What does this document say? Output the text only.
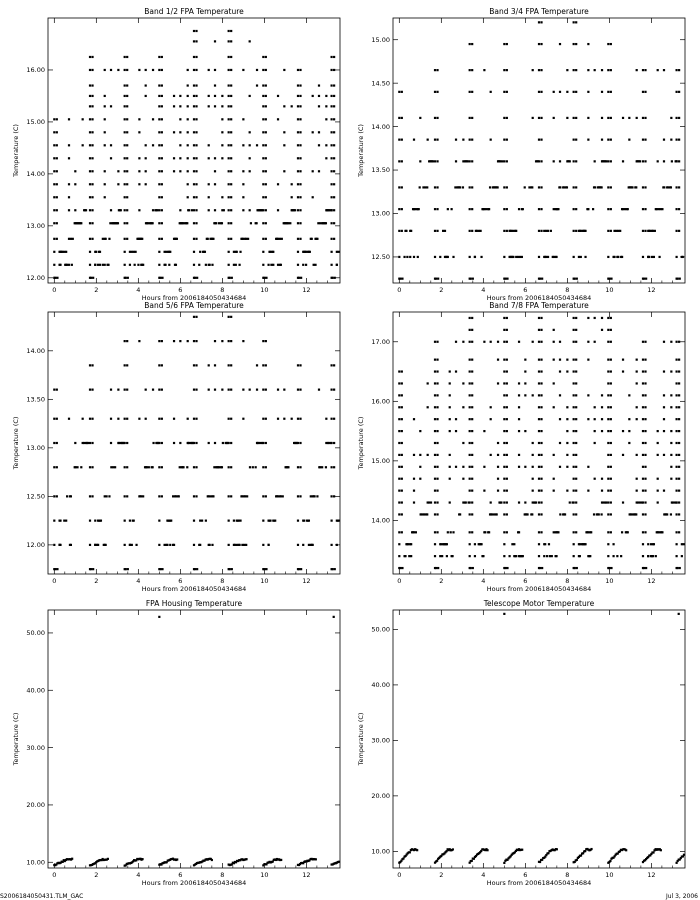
Band 1/2 FPA Temperature
0	2	4	6	8	10	12
12.00
13.00
14.00
15.00
16.00
Hours from 2006184050434684
Temperature (C)
Band 3/4 FPA Temperature
0	2	4	6	8	10	12
12.50
13.00
13.50
14.00
14.50
15.00
Hours from 2006184050434684
Temperature (C)
Band 5/6 FPA Temperature
0	2	4	6	8	10	12
12.00
12.50
13.00
13.50
14.00
Hours from 2006184050434684
Temperature (C)
Band 7/8 FPA Temperature
0	2	4	6	8	10	12
14.00
15.00
16.00
17.00
Hours from 2006184050434684
Temperature (C)
FPA Housing Temperature
0	2	4	6	8	10	12
10.00
20.00
30.00
40.00
50.00
Hours from 2006184050434684
Temperature (C)
Telescope Motor Temperature
0	2	4	6	8	10	12
10.00
20.00
30.00
40.00
50.00
Hours from 2006184050434684
Temperature (C)
S2006184050431.TLM_GAC	Jul 3, 2006
